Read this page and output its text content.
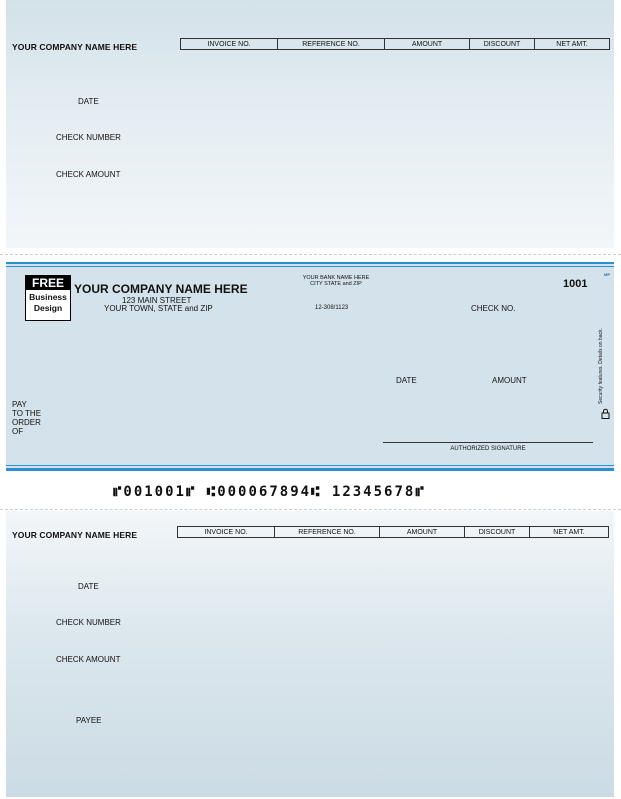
YOUR COMPANY NAME HERE	INVOICE NO.	REFERENCE NO.	AMOUNT	DISCOUNT	NET AMT.
DATE
CHECK NUMBER
CHECK AMOUNT
FREE
Business
Design
YOUR COMPANY NAME HERE
123 MAIN STREET
YOUR TOWN, STATE and ZIP
YOUR BANK NAME HERE
CITY STATE and ZIP
12-308/1123
1001
MP
CHECK NO.
DATE	AMOUNT
PAY
TO THE
ORDER
OF
AUTHORIZED SIGNATURE
Security features. Details on back.
⑈001001⑈ ⑆000067894⑆ 12345678⑈
YOUR COMPANY NAME HERE	INVOICE NO.	REFERENCE NO.	AMOUNT	DISCOUNT	NET AMT.
DATE
CHECK NUMBER
CHECK AMOUNT
PAYEE
